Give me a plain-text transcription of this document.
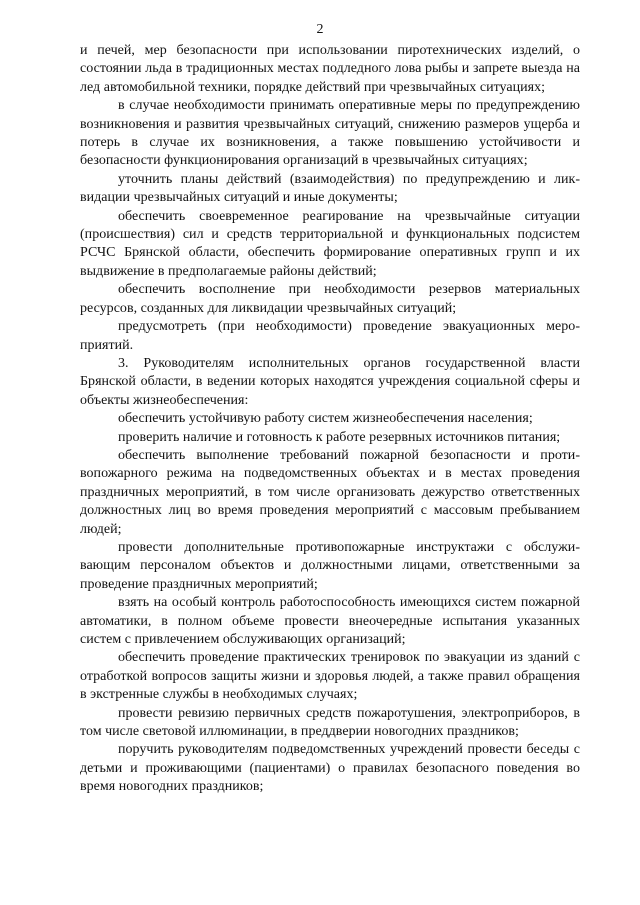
2

и печей, мер безопасности при использовании пиротехнических изделий, о состоянии льда в традиционных местах подледного лова рыбы и запрете выезда на лед автомобильной техники, порядке действий при чрезвычайных ситуациях;

в случае необходимости принимать оперативные меры по предупреждению возникновения и развития чрезвычайных ситуаций, снижению размеров ущерба и потерь в случае их возникновения, а также повышению устойчивости и безопасности функционирования организаций в чрезвычайных ситуациях;

уточнить планы действий (взаимодействия) по предупреждению и ликвидации чрезвычайных ситуаций и иные документы;

обеспечить своевременное реагирование на чрезвычайные ситуации (происшествия) сил и средств территориальной и функциональных подсистем РСЧС Брянской области, обеспечить формирование оперативных групп и их выдвижение в предполагаемые районы действий;

обеспечить восполнение при необходимости резервов материальных ресурсов, созданных для ликвидации чрезвычайных ситуаций;

предусмотреть (при необходимости) проведение эвакуационных мероприятий.

3. Руководителям исполнительных органов государственной власти Брянской области, в ведении которых находятся учреждения социальной сферы и объекты жизнеобеспечения:

обеспечить устойчивую работу систем жизнеобеспечения населения;

проверить наличие и готовность к работе резервных источников питания;

обеспечить выполнение требований пожарной безопасности и противопожарного режима на подведомственных объектах и в местах проведения праздничных мероприятий, в том числе организовать дежурство ответственных должностных лиц во время проведения мероприятий с массовым пребыванием людей;

провести дополнительные противопожарные инструктажи с обслуживающим персоналом объектов и должностными лицами, ответственными за проведение праздничных мероприятий;

взять на особый контроль работоспособность имеющихся систем пожарной автоматики, в полном объеме провести внеочередные испытания указанных систем с привлечением обслуживающих организаций;

обеспечить проведение практических тренировок по эвакуации из зданий с отработкой вопросов защиты жизни и здоровья людей, а также правил обращения в экстренные службы в необходимых случаях;

провести ревизию первичных средств пожаротушения, электроприборов, в том числе световой иллюминации, в преддверии новогодних праздников;

поручить руководителям подведомственных учреждений провести беседы с детьми и проживающими (пациентами) о правилах безопасного поведения во время новогодних праздников;
